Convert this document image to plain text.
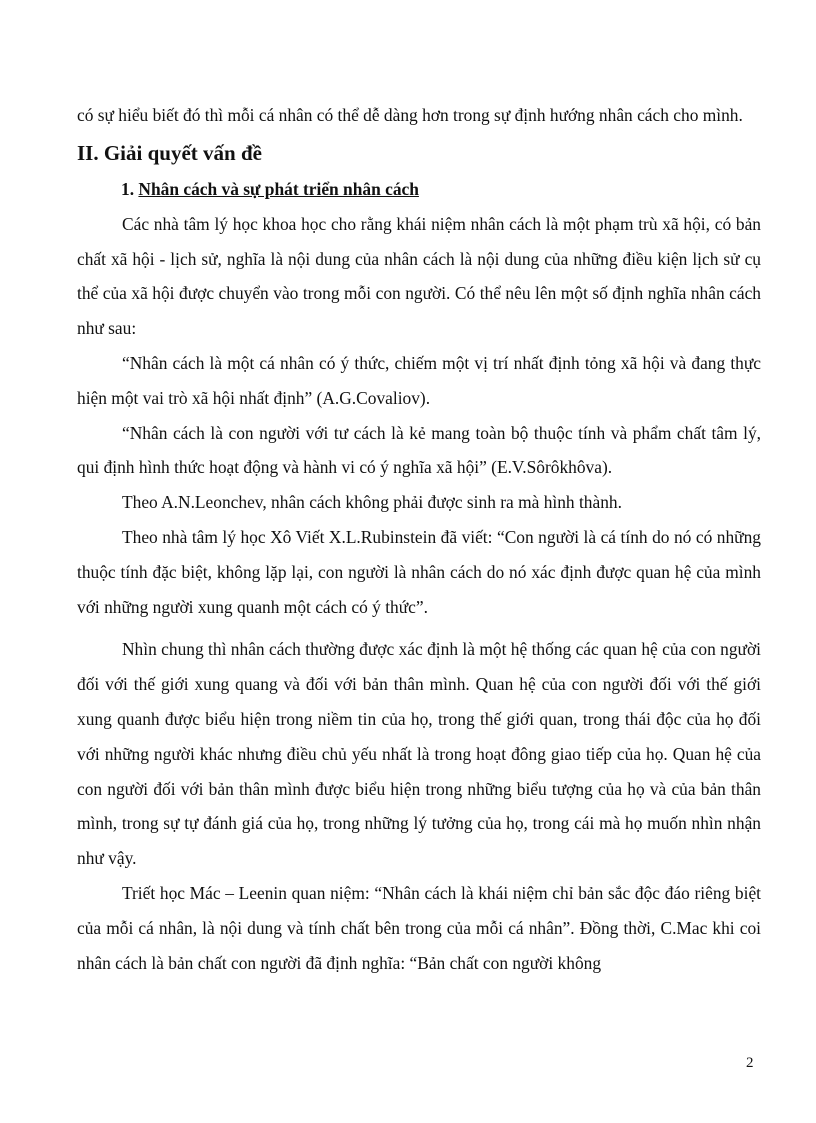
có sự hiểu biết đó thì mỗi cá nhân có thể dễ dàng hơn trong sự định hướng nhân cách cho mình.

II. Giải quyết vấn đề
1. Nhân cách và sự phát triển nhân cách

Các nhà tâm lý học khoa học cho rằng khái niệm nhân cách là một phạm trù xã hội, có bản chất xã hội - lịch sử, nghĩa là nội dung của nhân cách là nội dung của những điều kiện lịch sử cụ thể của xã hội được chuyển vào trong mỗi con người. Có thể nêu lên một số định nghĩa nhân cách như sau:

“Nhân cách là một cá nhân có ý thức, chiếm một vị trí nhất định tỏng xã hội và đang thực hiện một vai trò xã hội nhất định” (A.G.Covaliov).

“Nhân cách là con người với tư cách là kẻ mang toàn bộ thuộc tính và phẩm chất tâm lý, qui định hình thức hoạt động và hành vi có ý nghĩa xã hội” (E.V.Sôrôkhôva).

Theo A.N.Leonchev, nhân cách không phải được sinh ra mà hình thành.

Theo nhà tâm lý học Xô Viết X.L.Rubinstein đã viết: “Con người là cá tính do nó có những thuộc tính đặc biệt, không lặp lại, con người là nhân cách do nó xác định được quan hệ của mình với những người xung quanh một cách có ý thức”.

Nhìn chung thì nhân cách thường được xác định là một hệ thống các quan hệ của con người đối với thế giới xung quang và đối với bản thân mình. Quan hệ của con người đối với thế giới xung quanh được biểu hiện trong niềm tin của họ, trong thế giới quan, trong thái độc của họ đối với những người khác nhưng điều chủ yếu nhất là trong hoạt đông giao tiếp của họ. Quan hệ của con người đối với bản thân mình được biểu hiện trong những biểu tượng của họ và của bản thân mình, trong sự tự đánh giá của họ, trong những lý tưởng của họ, trong cái mà họ muốn nhìn nhận như vậy.

Triết học Mác – Leenin quan niệm: “Nhân cách là khái niệm chỉ bản sắc độc đáo riêng biệt của mỗi cá nhân, là nội dung và tính chất bên trong của mỗi cá nhân”. Đồng thời, C.Mac khi coi nhân cách là bản chất con người đã định nghĩa: “Bản chất con người không

2
